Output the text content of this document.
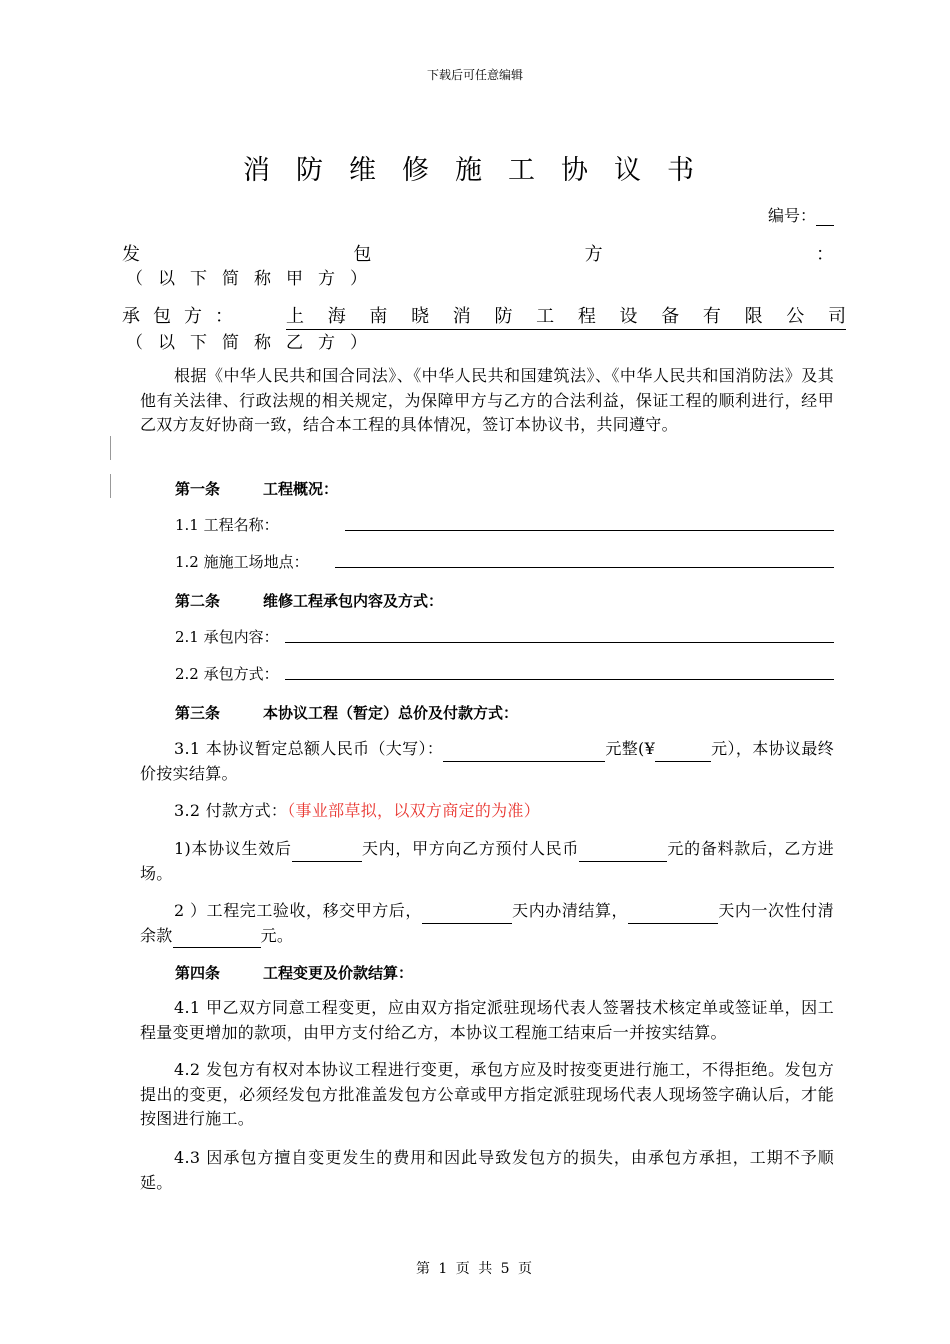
下载后可任意编辑
消防维修施工协议书
编号：
发	包	方	：
（以下简称甲方）
承包方： 上 海 南 晓 消 防 工 程 设 备 有 限 公 司
（以下简称乙方）
根据《中华人民共和国合同法》、《中华人民共和国建筑法》、《中华人民共和国消防法》及其他有关法律、行政法规的相关规定，为保障甲方与乙方的合法利益，保证工程的顺利进行，经甲乙双方友好协商一致，结合本工程的具体情况，签订本协议书，共同遵守。
第一条	工程概况：
1.1 工程名称：
1.2 施施工场地点：
第二条	维修工程承包内容及方式：
2.1 承包内容：
2.2 承包方式：
第三条	本协议工程（暂定）总价及付款方式：
3.1 本协议暂定总额人民币（大写）：	元整(¥	元），本协议最终价按实结算。
3.2 付款方式：（事业部草拟，以双方商定的为准）
1)本协议生效后	天内，甲方向乙方预付人民币	元的备料款后，乙方进场。
2 ）工程完工验收，移交甲方后，	天内办清结算，	天内一次性付清余款	元。
第四条	工程变更及价款结算：
4.1 甲乙双方同意工程变更，应由双方指定派驻现场代表人签署技术核定单或签证单，因工程量变更增加的款项，由甲方支付给乙方，本协议工程施工结束后一并按实结算。
4.2 发包方有权对本协议工程进行变更，承包方应及时按变更进行施工，不得拒绝。发包方提出的变更，必须经发包方批准盖发包方公章或甲方指定派驻现场代表人现场签字确认后，才能按图进行施工。
4.3 因承包方擅自变更发生的费用和因此导致发包方的损失，由承包方承担，工期不予顺延。
第 1 页 共 5 页
